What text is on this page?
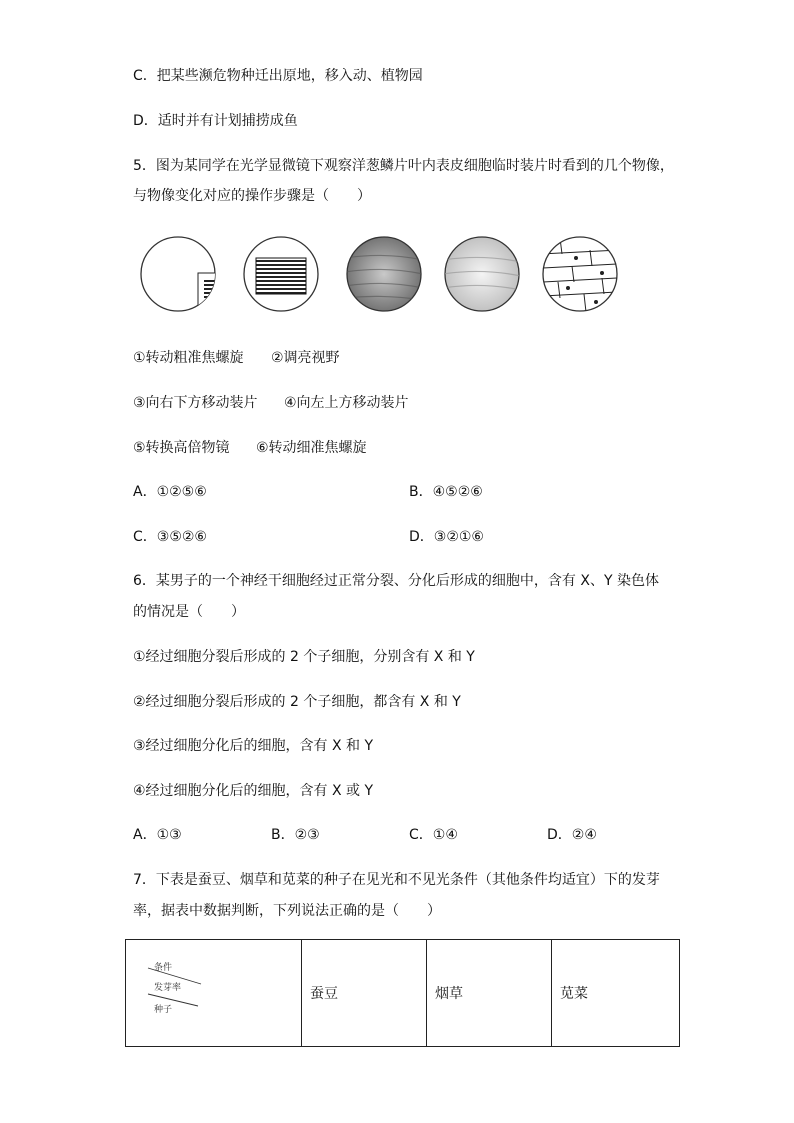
C．把某些濒危物种迁出原地，移入动、植物园
D．适时并有计划捕捞成鱼
5．图为某同学在光学显微镜下观察洋葱鳞片叶内表皮细胞临时装片时看到的几个物像，
与物像变化对应的操作步骤是（　　）
①转动粗准焦螺旋 ②调亮视野
③向右下方移动装片 ④向左上方移动装片
⑤转换高倍物镜 ⑥转动细准焦螺旋
A．①②⑤⑥	B．④⑤②⑥
C．③⑤②⑥	D．③②①⑥
6．某男子的一个神经干细胞经过正常分裂、分化后形成的细胞中，含有 X、Y 染色体
的情况是（　　）
①经过细胞分裂后形成的 2 个子细胞，分别含有 X 和 Y
②经过细胞分裂后形成的 2 个子细胞，都含有 X 和 Y
③经过细胞分化后的细胞，含有 X 和 Y
④经过细胞分化后的细胞，含有 X 或 Y
A．①③	B．②③	C．①④	D．②④
7．下表是蚕豆、烟草和苋菜的种子在见光和不见光条件（其他条件均适宜）下的发芽
率，据表中数据判断，下列说法正确的是（　　）
条件
发芽率
种子
	蚕豆	烟草	苋菜
